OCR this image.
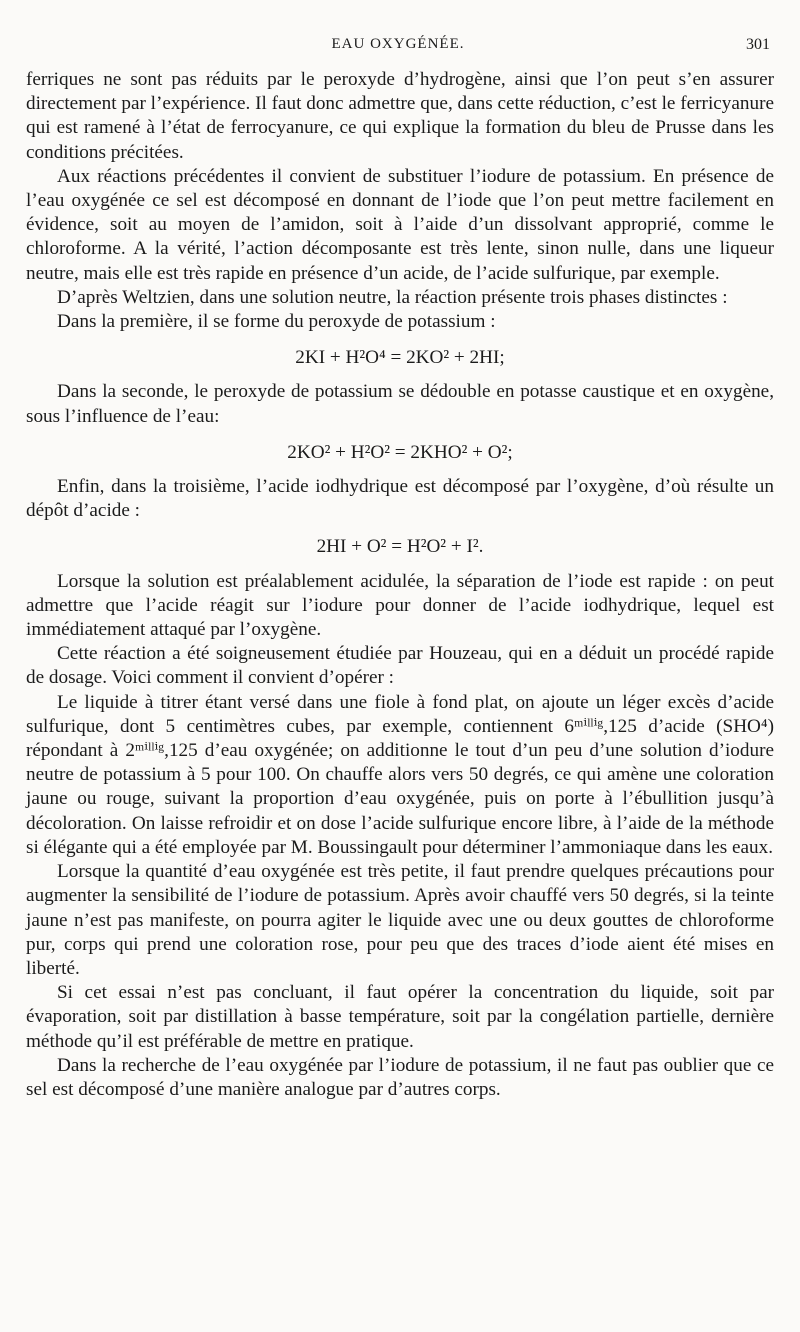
EAU OXYGÉNÉE.	301

ferriques ne sont pas réduits par le peroxyde d’hydrogène, ainsi que l’on peut s’en assurer directement par l’expérience. Il faut donc admettre que, dans cette réduction, c’est le ferricyanure qui est ramené à l’état de ferrocyanure, ce qui explique la formation du bleu de Prusse dans les conditions précitées.

Aux réactions précédentes il convient de substituer l’iodure de potassium. En présence de l’eau oxygénée ce sel est décomposé en donnant de l’iode que l’on peut mettre facilement en évidence, soit au moyen de l’amidon, soit à l’aide d’un dissolvant approprié, comme le chloroforme. A la vérité, l’action décomposante est très lente, sinon nulle, dans une liqueur neutre, mais elle est très rapide en présence d’un acide, de l’acide sulfurique, par exemple.

D’après Weltzien, dans une solution neutre, la réaction présente trois phases distinctes :

Dans la première, il se forme du peroxyde de potassium :

2KI + H²O⁴ = 2KO² + 2HI;

Dans la seconde, le peroxyde de potassium se dédouble en potasse caustique et en oxygène, sous l’influence de l’eau:

2KO² + H²O² = 2KHO² + O²;

Enfin, dans la troisième, l’acide iodhydrique est décomposé par l’oxygène, d’où résulte un dépôt d’acide :

2HI + O² = H²O² + I².

Lorsque la solution est préalablement acidulée, la séparation de l’iode est rapide : on peut admettre que l’acide réagit sur l’iodure pour donner de l’acide iodhydrique, lequel est immédiatement attaqué par l’oxygène.

Cette réaction a été soigneusement étudiée par Houzeau, qui en a déduit un procédé rapide de dosage. Voici comment il convient d’opérer :

Le liquide à titrer étant versé dans une fiole à fond plat, on ajoute un léger excès d’acide sulfurique, dont 5 centimètres cubes, par exemple, contiennent 6ᵐⁱˡˡⁱᵍ,125 d’acide (SHO⁴) répondant à 2ᵐⁱˡˡⁱᵍ,125 d’eau oxygénée; on additionne le tout d’un peu d’une solution d’iodure neutre de potassium à 5 pour 100. On chauffe alors vers 50 degrés, ce qui amène une coloration jaune ou rouge, suivant la proportion d’eau oxygénée, puis on porte à l’ébullition jusqu’à décoloration. On laisse refroidir et on dose l’acide sulfurique encore libre, à l’aide de la méthode si élégante qui a été employée par M. Boussingault pour déterminer l’ammoniaque dans les eaux.

Lorsque la quantité d’eau oxygénée est très petite, il faut prendre quelques précautions pour augmenter la sensibilité de l’iodure de potassium. Après avoir chauffé vers 50 degrés, si la teinte jaune n’est pas manifeste, on pourra agiter le liquide avec une ou deux gouttes de chloroforme pur, corps qui prend une coloration rose, pour peu que des traces d’iode aient été mises en liberté.

Si cet essai n’est pas concluant, il faut opérer la concentration du liquide, soit par évaporation, soit par distillation à basse température, soit par la congélation partielle, dernière méthode qu’il est préférable de mettre en pratique.

Dans la recherche de l’eau oxygénée par l’iodure de potassium, il ne faut pas oublier que ce sel est décomposé d’une manière analogue par d’autres corps.
